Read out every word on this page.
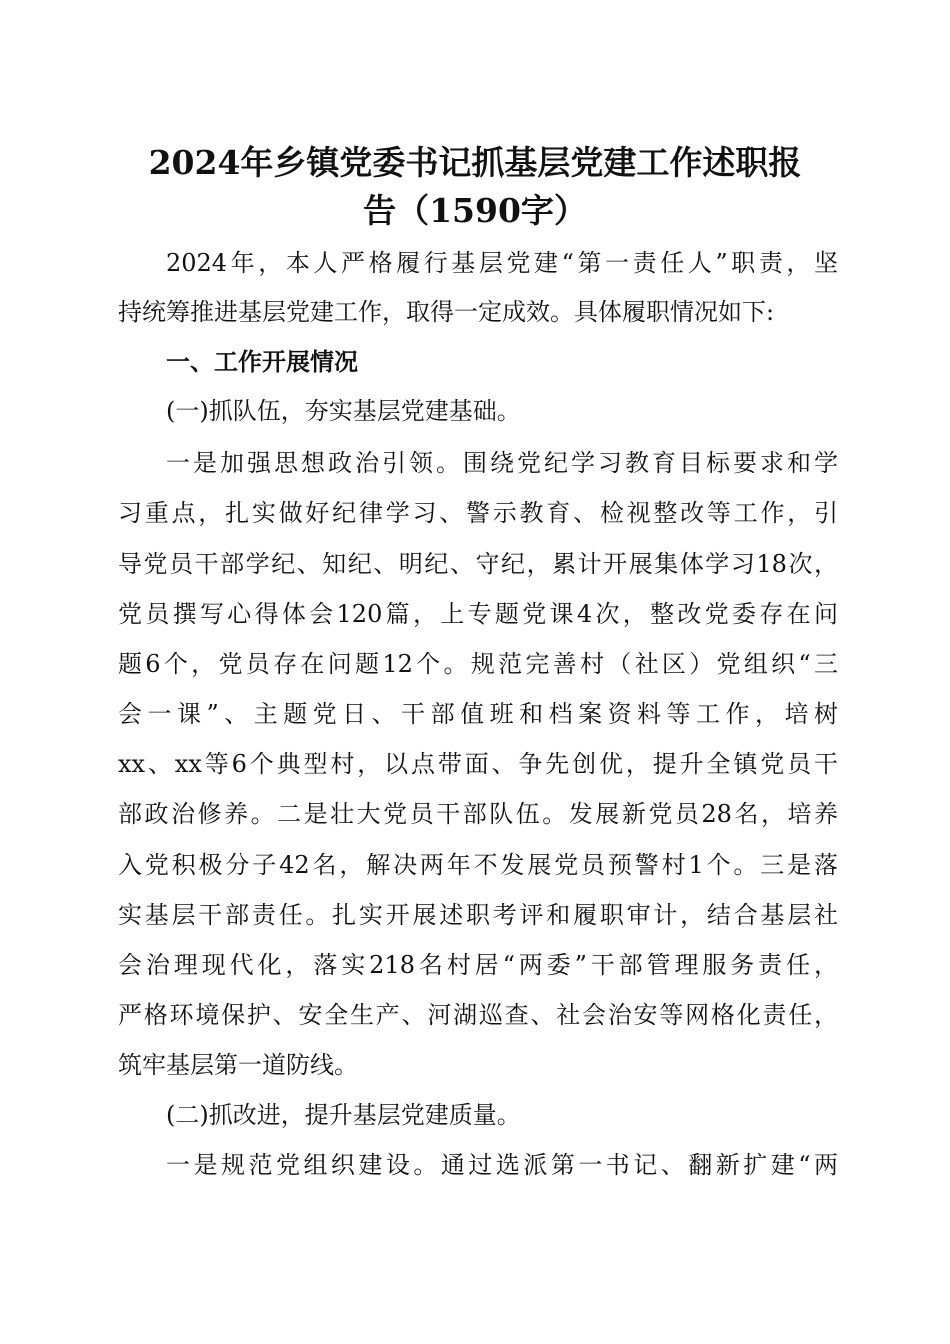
2024年乡镇党委书记抓基层党建工作述职报
告（1590字）
2024年，本人严格履行基层党建“第一责任人”职责，坚
持统筹推进基层党建工作，取得一定成效。具体履职情况如下:
一、工作开展情况
(一)抓队伍，夯实基层党建基础。
一是加强思想政治引领。围绕党纪学习教育目标要求和学
习重点，扎实做好纪律学习、警示教育、检视整改等工作，引
导党员干部学纪、知纪、明纪、守纪，累计开展集体学习18次，
党员撰写心得体会120篇，上专题党课4次，整改党委存在问
题6个，党员存在问题12个。规范完善村（社区）党组织“三
会一课”、主题党日、干部值班和档案资料等工作，培树
xx、xx等6个典型村，以点带面、争先创优，提升全镇党员干
部政治修养。二是壮大党员干部队伍。发展新党员28名，培养
入党积极分子42名，解决两年不发展党员预警村1个。三是落
实基层干部责任。扎实开展述职考评和履职审计，结合基层社
会治理现代化，落实218名村居“两委”干部管理服务责任，
严格环境保护、安全生产、河湖巡查、社会治安等网格化责任，
筑牢基层第一道防线。
(二)抓改进，提升基层党建质量。
一是规范党组织建设。通过选派第一书记、翻新扩建“两
